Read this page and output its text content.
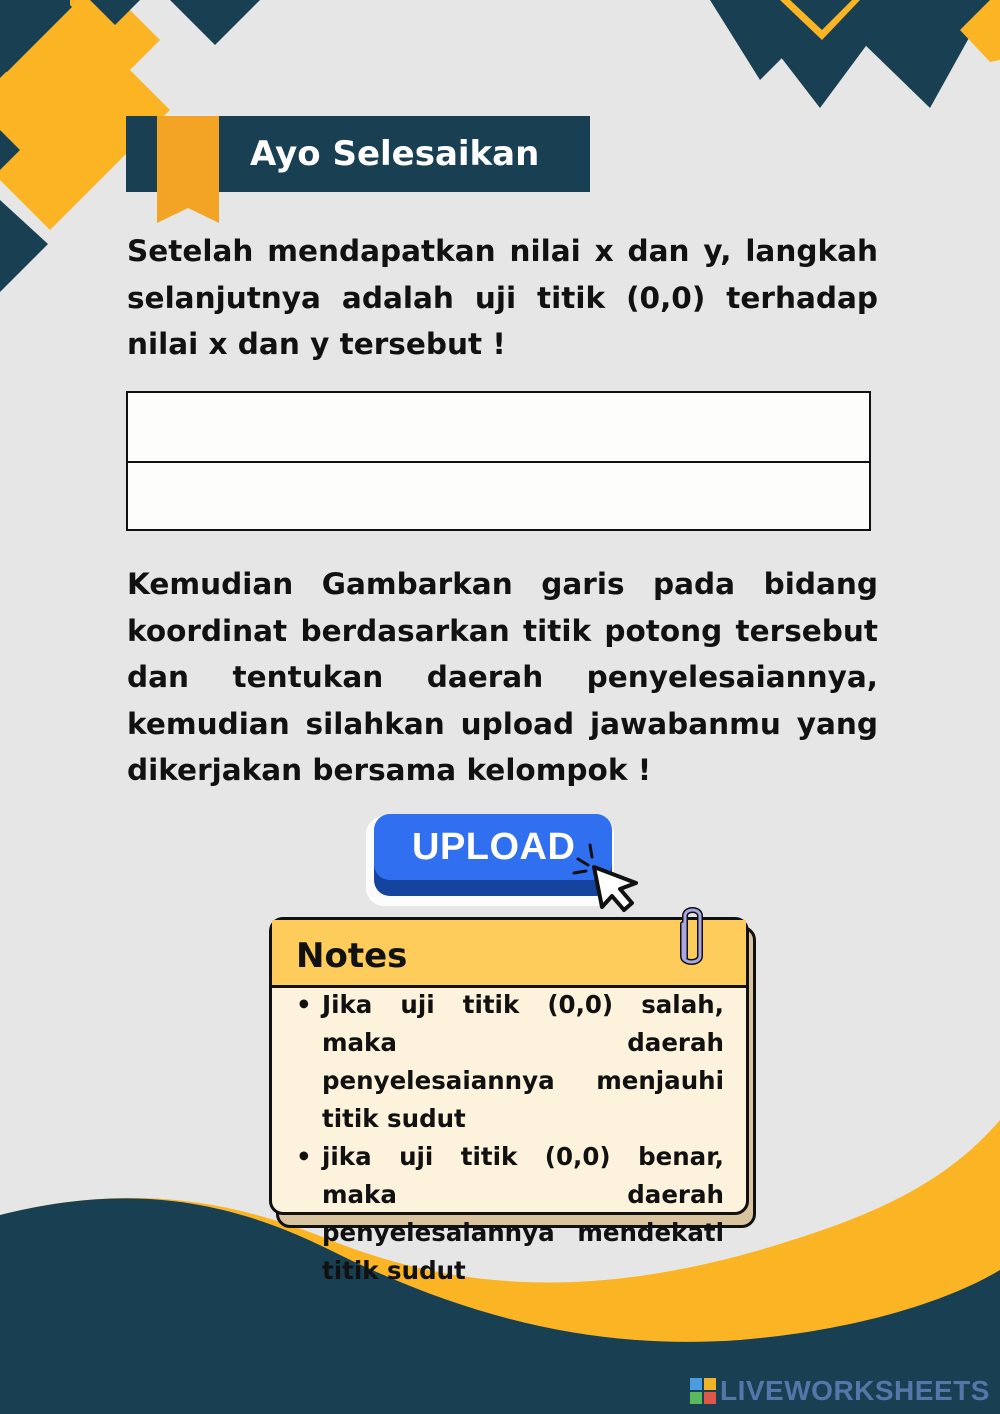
Ayo Selesaikan

Setelah mendapatkan nilai x dan y, langkah selanjutnya adalah uji titik (0,0) terhadap nilai x dan y tersebut !

Kemudian Gambarkan garis pada bidang koordinat berdasarkan titik potong tersebut dan tentukan daerah penyelesaiannya, kemudian silahkan upload jawabanmu yang dikerjakan bersama kelompok !

UPLOAD
Notes
• Jika uji titik (0,0) salah, maka daerah penyelesaiannya menjauhi titik sudut
• jika uji titik (0,0) benar, maka daerah penyelesaiannya mendekati titik sudut
LIVEWORKSHEETS
